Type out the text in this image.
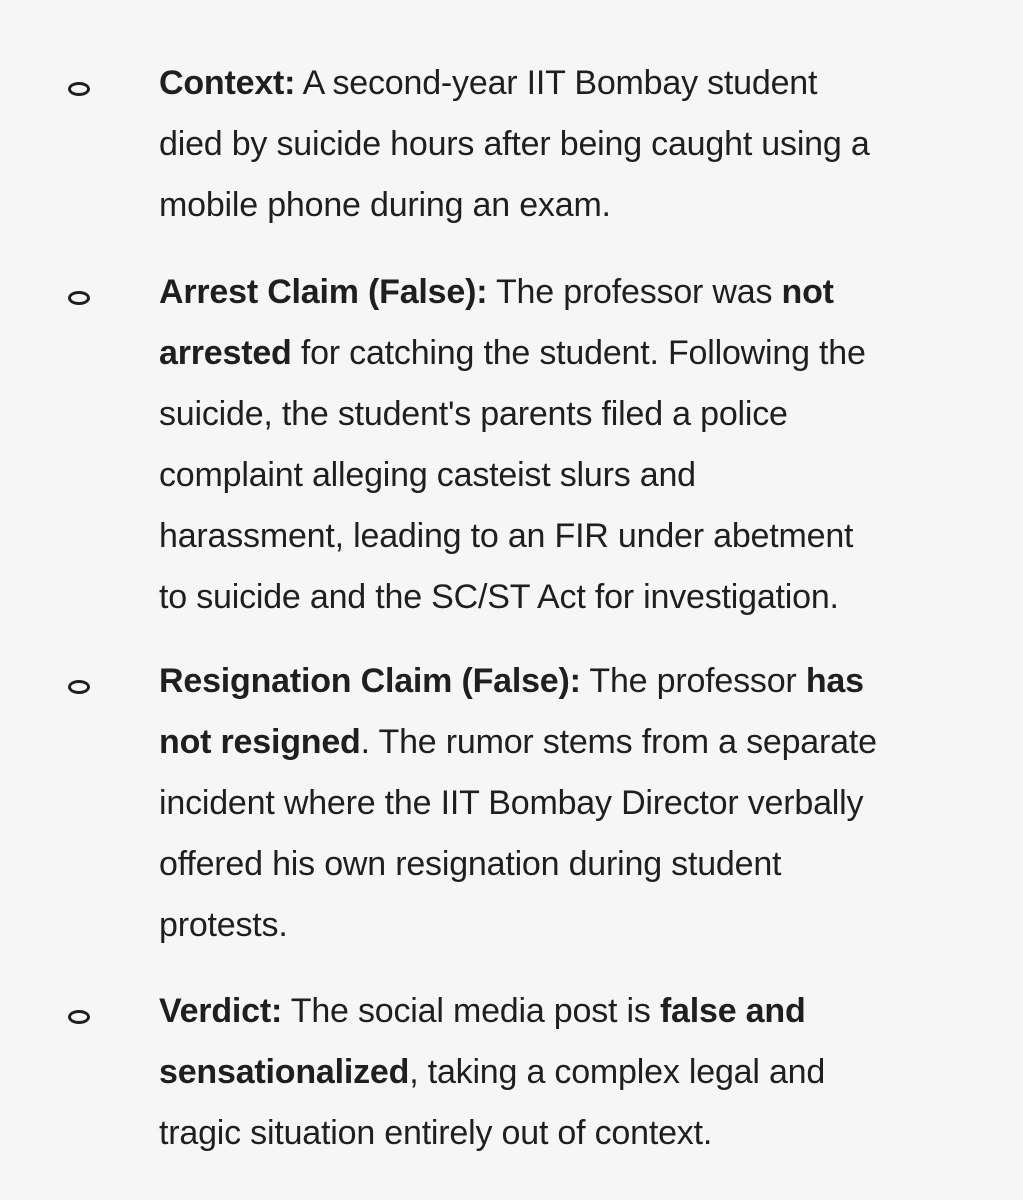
Context: A second-year IIT Bombay student
died by suicide hours after being caught using a
mobile phone during an exam.
Arrest Claim (False): The professor was not
arrested for catching the student. Following the
suicide, the student's parents filed a police
complaint alleging casteist slurs and
harassment, leading to an FIR under abetment
to suicide and the SC/ST Act for investigation.
Resignation Claim (False): The professor has
not resigned. The rumor stems from a separate
incident where the IIT Bombay Director verbally
offered his own resignation during student
protests.
Verdict: The social media post is false and
sensationalized, taking a complex legal and
tragic situation entirely out of context.
